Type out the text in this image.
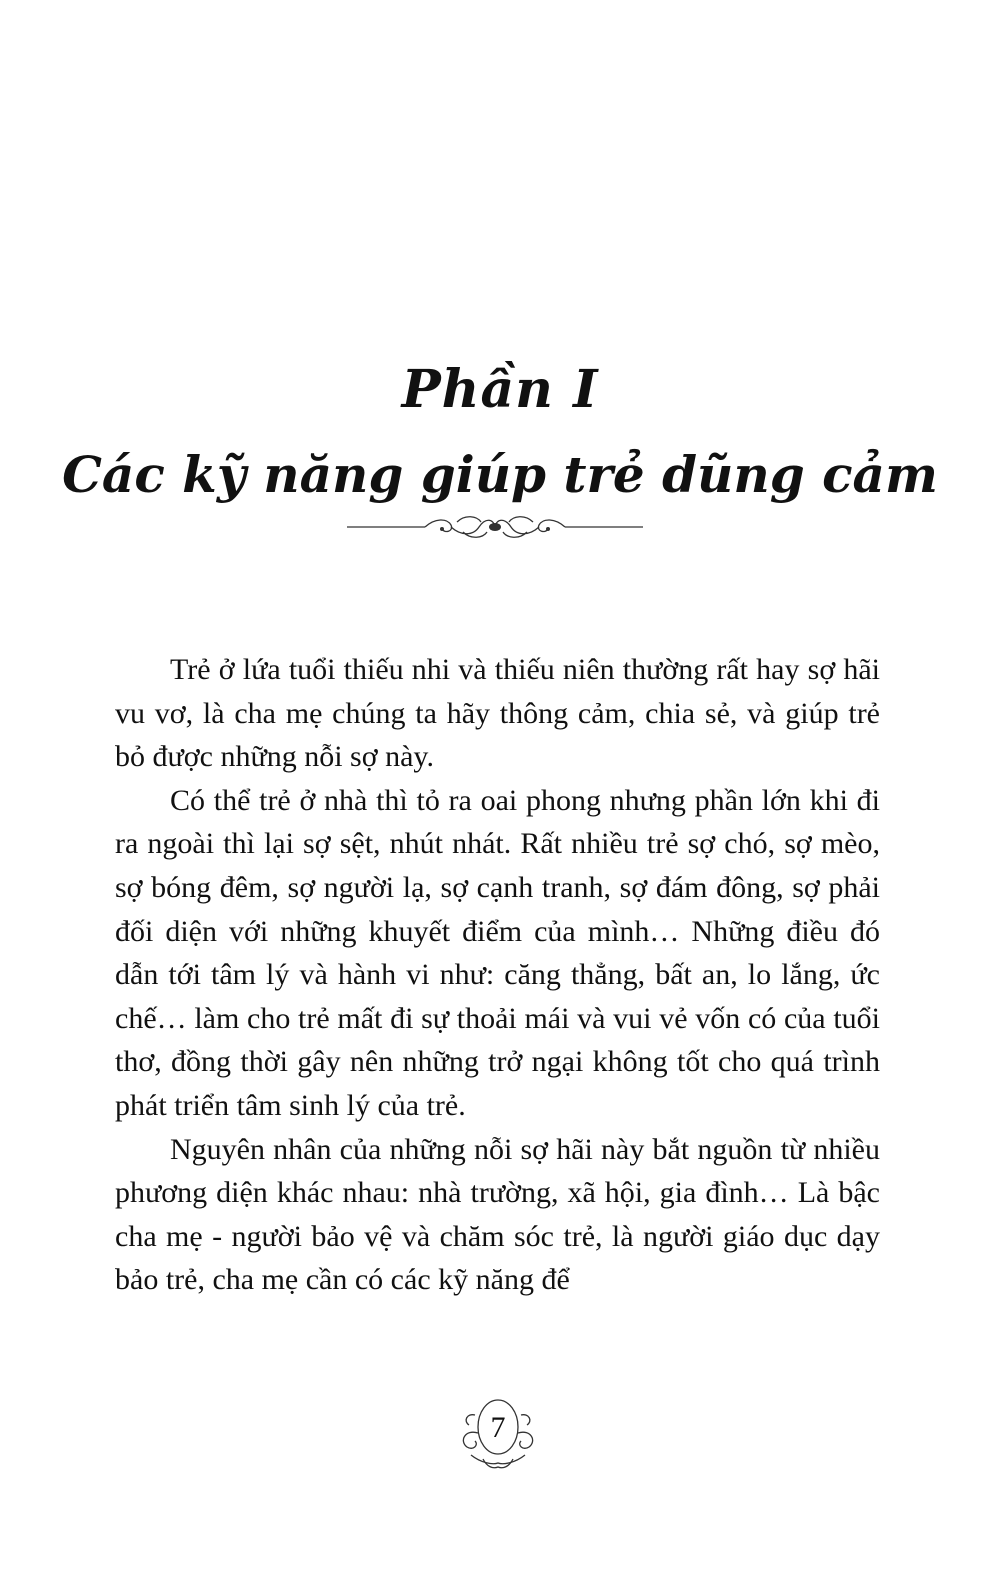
Phần I
Các kỹ năng giúp trẻ dũng cảm

Trẻ ở lứa tuổi thiếu nhi và thiếu niên thường rất hay sợ hãi vu vơ, là cha mẹ chúng ta hãy thông cảm, chia sẻ, và giúp trẻ bỏ được những nỗi sợ này.

Có thể trẻ ở nhà thì tỏ ra oai phong nhưng phần lớn khi đi ra ngoài thì lại sợ sệt, nhút nhát. Rất nhiều trẻ sợ chó, sợ mèo, sợ bóng đêm, sợ người lạ, sợ cạnh tranh, sợ đám đông, sợ phải đối diện với những khuyết điểm của mình… Những điều đó dẫn tới tâm lý và hành vi như: căng thẳng, bất an, lo lắng, ức chế… làm cho trẻ mất đi sự thoải mái và vui vẻ vốn có của tuổi thơ, đồng thời gây nên những trở ngại không tốt cho quá trình phát triển tâm sinh lý của trẻ.

Nguyên nhân của những nỗi sợ hãi này bắt nguồn từ nhiều phương diện khác nhau: nhà trường, xã hội, gia đình… Là bậc cha mẹ - người bảo vệ và chăm sóc trẻ, là người giáo dục dạy bảo trẻ, cha mẹ cần có các kỹ năng để

7
